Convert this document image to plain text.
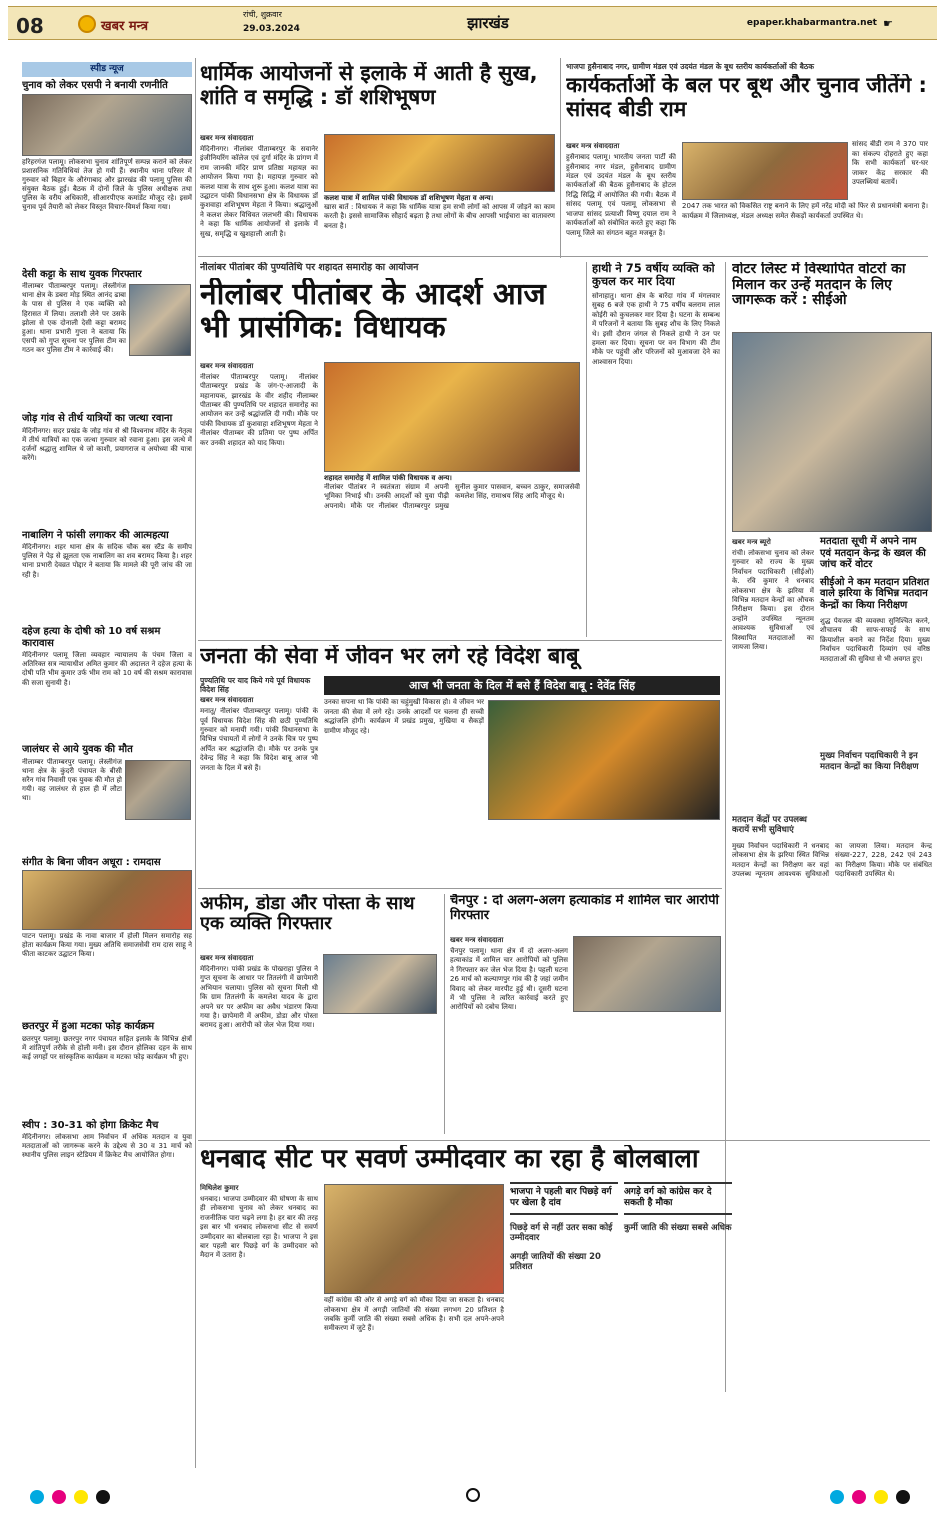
08	खबर मन्त्र
रांची, शुक्रवार
29.03.2024	झारखंड	epaper.khabarmantra.net ☛
स्पीड न्यूज
चुनाव को लेकर एसपी ने बनायी रणनीति
हरिहरगंज पलामू। लोकसभा चुनाव शांतिपूर्ण सम्पन्न कराने को लेकर प्रशासनिक गतिविधियां तेज हो गयी हैं। स्थानीय थाना परिसर में गुरुवार को बिहार के औरंगाबाद और झारखंड की पलामू पुलिस की संयुक्त बैठक हुई। बैठक में दोनों जिले के पुलिस अधीक्षक तथा पुलिस के वरीय अधिकारी, सीआरपीएफ कमांडेंट मौजूद रहे। इसमें चुनाव पूर्व तैयारी को लेकर विस्तृत विचार-विमर्श किया गया।
देसी कट्टा के साथ युवक गिरफ्तार
नीलाम्बर पीताम्बरपुर पलामू। लेस्लीगंज थाना क्षेत्र के डबरा मोड़ स्थित आनंद ढाबा के पास से पुलिस ने एक व्यक्ति को हिरासत में लिया। तलाशी लेने पर उसके झोला से एक दोनाली देसी कट्टा बरामद हुआ। थाना प्रभारी गुप्ता ने बताया कि एसपी को गुप्त सूचना पर पुलिस टीम का गठन कर पुलिस टीम ने कार्रवाई की।
जोड़ गांव से तीर्थ यात्रियों का जत्था रवाना
मेदिनीनगर। सदर प्रखंड के जोड़ गांव से श्री विश्वनाथ मंदिर के नेतृत्व में तीर्थ यात्रियों का एक जत्था गुरुवार को रवाना हुआ। इस जत्थे में दर्जनों श्रद्धालु शामिल थे जो काशी, प्रयागराज व अयोध्या की यात्रा करेंगे।
नाबालिग ने फांसी लगाकर की आत्महत्या
मेदिनीनगर। शहर थाना क्षेत्र के सदिक चौक बस स्टैंड के समीप पुलिस ने पेड़ से झूलता एक नाबालिग का शव बरामद किया है। शहर थाना प्रभारी देवव्रत पोद्दार ने बताया कि मामले की पूरी जांच की जा रही है।
दहेज हत्या के दोषी को 10 वर्ष सश्रम कारावास
मेदिनीनगर पलामू जिला व्यवहार न्यायालय के पंचम जिला व अतिरिक्त सत्र न्यायाधीश अमित कुमार की अदालत ने दहेज हत्या के दोषी पति भीम कुमार उर्फ भीम राम को 10 वर्ष की सश्रम कारावास की सजा सुनायी है।
जालंधर से आये युवक की मौत
नीलाम्बर पीताम्बरपुर पलामू। लेस्लीगंज थाना क्षेत्र के कुंदरी पंचायत के बीसी सरैन गांव निवासी एक युवक की मौत हो गयी। वह जालंधर से हाल ही में लौटा था।
संगीत के बिना जीवन अधूरा : रामदास
पाटन पलामू। प्रखंड के नावा बाजार में होली मिलन समारोह सह होता कार्यक्रम किया गया। मुख्य अतिथि समाजसेवी राम दास साहू ने फीता काटकर उद्घाटन किया।
छतरपुर में हुआ मटका फोड़ कार्यक्रम
छतरपुर पलामू। छतरपुर नगर पंचायत सहित इलाके के विभिन्न क्षेत्रों में शांतिपूर्ण तरीके से होली मनी। इस दौरान होलिका दहन के साथ कई जगहों पर सांस्कृतिक कार्यक्रम व मटका फोड़ कार्यक्रम भी हुए।
स्वीप : 30-31 को होगा क्रिकेट मैच
मेदिनीनगर। लोकसभा आम निर्वाचन में अधिक मतदान व युवा मतदाताओं को जागरूक करने के उद्देश्य से 30 व 31 मार्च को स्थानीय पुलिस लाइन स्टेडियम में क्रिकेट मैच आयोजित होगा।
धार्मिक आयोजनों से इलाके में आती है सुख, शांति व समृद्धि : डॉ शशिभूषण
खबर मन्त्र संवाददाता
मेदिनीनगर। नीलांबर पीताम्बरपुर के सवानेर इंजीनियरिंग कॉलेज एवं दुर्गा मंदिर के प्रांगण में राम जानकी मंदिर प्राण प्रतिष्ठा महायज्ञ का आयोजन किया गया है। महायज्ञ गुरुवार को कलश यात्रा के साथ शुरू हुआ। कलश यात्रा का उद्घाटन पांकी विधानसभा क्षेत्र के विधायक डॉ कुशवाहा शशिभूषण मेहता ने किया। श्रद्धालुओं ने कलश लेकर विधिवत जलभरी की। विधायक ने कहा कि धार्मिक आयोजनों से इलाके में सुख, समृद्धि व खुशहाली आती है।
कलश यात्रा में शामिल पांकी विधायक डॉ शशिभूषण मेहता व अन्य।
खास बातें : विधायक ने कहा कि धार्मिक यात्रा हम सभी लोगों को आपस में जोड़ने का काम करती है। इससे सामाजिक सौहार्द बढ़ता है तथा लोगों के बीच आपसी भाईचारा का वातावरण बनता है।
भाजपा हुसैनाबाद नगर, ग्रामीण मंडल एवं उदयंत मंडल के बूथ स्तरीय कार्यकर्ताओं की बैठक
कार्यकर्ताओं के बल पर बूथ और चुनाव जीतेंगे : सांसद बीडी राम
खबर मन्त्र संवाददाता
हुसैनाबाद पलामू। भारतीय जनता पार्टी की हुसैनाबाद नगर मंडल, हुसैनाबाद ग्रामीण मंडल एवं उदयंत मंडल के बूथ स्तरीय कार्यकर्ताओं की बैठक हुसैनाबाद के होटल रिद्धि सिद्धि में आयोजित की गयी। बैठक में सांसद पलामू एवं पलामू लोकसभा से भाजपा सांसद प्रत्याशी विष्णु दयाल राम ने कार्यकर्ताओं को संबोधित करते हुए कहा कि पलामू जिले का संगठन बहुत मजबूत है।
सांसद बीडी राम ने 370 पार का संकल्प दोहराते हुए कहा कि सभी कार्यकर्ता घर-घर जाकर केंद्र सरकार की उपलब्धियां बतायें।
2047 तक भारत को विकसित राष्ट्र बनाने के लिए हमें नरेंद्र मोदी को फिर से प्रधानमंत्री बनाना है। कार्यक्रम में जिलाध्यक्ष, मंडल अध्यक्ष समेत सैकड़ों कार्यकर्ता उपस्थित थे।
नीलांबर पीतांबर की पुण्यतिथि पर शहादत समारोह का आयोजन
नीलांबर पीतांबर के आदर्श आज भी प्रासंगिक: विधायक
खबर मन्त्र संवाददाता
नीलांबर पीताम्बरपुर पलामू। नीलांबर पीताम्बरपुर प्रखंड के जंग-ए-आजादी के महानायक, झारखंड के वीर शहीद नीलाम्बर पीताम्बर की पुण्यतिथि पर शहादत समारोह का आयोजन कर उन्हें श्रद्धांजलि दी गयी। मौके पर पांकी विधायक डॉ कुशवाहा शशिभूषण मेहता ने नीलांबर पीताम्बर की प्रतिमा पर पुष्प अर्पित कर उनकी शहादत को याद किया।
शहादत समारोह में शामिल पांकी विधायक व अन्य।
नीलांबर पीतांबर ने स्वतंत्रता संग्राम में अपनी भूमिका निभाई थी। उनकी आदर्शों को युवा पीढ़ी अपनाये। मौके पर नीलांबर पीताम्बरपुर प्रमुख सुनील कुमार पासवान, बच्चन ठाकुर, समाजसेवी कमलेश सिंह, रामाश्रय सिंह आदि मौजूद थे।
हाथी ने 75 वर्षीय व्यक्ति को कुचल कर मार दिया
सोनाहातु। थाना क्षेत्र के बारेंदा गांव में मंगलवार सुबह 6 बजे एक हाथी ने 75 वर्षीय बलराम लाल कोईरी को कुचलकर मार दिया है। घटना के सम्बन्ध में परिजनों ने बताया कि सुबह शौच के लिए निकले थे। इसी दौरान जंगल से निकले हाथी ने उन पर हमला कर दिया। सूचना पर वन विभाग की टीम मौके पर पहुंची और परिजनों को मुआवजा देने का आश्वासन दिया।
वोटर लिस्ट में विस्थापित वोटरों का मिलान कर उन्हें मतदान के लिए जागरूक करें : सीईओ
खबर मन्त्र ब्यूरो
रांची। लोकसभा चुनाव को लेकर गुरुवार को राज्य के मुख्य निर्वाचन पदाधिकारी (सीईओ) के. रवि कुमार ने धनबाद लोकसभा क्षेत्र के झरिया में विभिन्न मतदान केन्द्रों का औचक निरीक्षण किया। इस दौरान उन्होंने उपस्थित न्यूनतम आवश्यक सुविधाओं एवं विस्थापित मतदाताओं का जायजा लिया।
मतदान केंद्रों पर उपलब्ध करायें सभी सुविधाएं
मतदाता सूची में अपने नाम एवं मतदान केन्द्र के ख्वल की जांच करें वोटर
सीईओ ने कम मतदान प्रतिशत वाले झरिया के विभिन्न मतदान केन्द्रों का किया निरीक्षण
शुद्ध पेयजल की व्यवस्था सुनिश्चित करने, शौचालय की साफ-सफाई के साथ क्रियाशील बनाने का निर्देश दिया। मुख्य निर्वाचन पदाधिकारी दिव्यांग एवं वरिष्ठ मतदाताओं की सुविधा से भी अवगत हुए।
मुख्य निर्वाचन पदाधिकारी ने इन मतदान केन्द्रों का किया निरीक्षण
मुख्य निर्वाचन पदाधिकारी ने धनबाद लोकसभा क्षेत्र के झरिया स्थित विभिन्न मतदान केन्द्रों का निरीक्षण कर वहां उपलब्ध न्यूनतम आवश्यक सुविधाओं का जायजा लिया। मतदान केन्द्र संख्या-227, 228, 242 एवं 243 का निरीक्षण किया। मौके पर संबंधित पदाधिकारी उपस्थित थे।
जनता की सेवा में जीवन भर लगे रहे विदेश बाबू
पुण्यतिथि पर याद किये गये पूर्व विधायक विदेश सिंह
खबर मन्त्र संवाददाता
मनातू/ नीलांबर पीताम्बरपुर पलामू। पांकी के पूर्व विधायक विदेश सिंह की छठी पुण्यतिथि गुरुवार को मनायी गयी। पांकी विधानसभा के विभिन्न पंचायतों में लोगों ने उनके चित्र पर पुष्प अर्पित कर श्रद्धांजलि दी। मौके पर उनके पुत्र देवेन्द्र सिंह ने कहा कि विदेश बाबू आज भी जनता के दिल में बसे हैं।
आज भी जनता के दिल में बसे हैं विदेश बाबू : देवेंद्र सिंह
उनका सपना था कि पांकी का चहुंमुखी विकास हो। वे जीवन भर जनता की सेवा में लगे रहे। उनके आदर्शों पर चलना ही सच्ची श्रद्धांजलि होगी। कार्यक्रम में प्रखंड प्रमुख, मुखिया व सैकड़ों ग्रामीण मौजूद रहे।
अफीम, डोडा और पोस्ता के साथ एक व्यक्ति गिरफ्तार
खबर मन्त्र संवाददाता
मेदिनीनगर। पांकी प्रखंड के पोखराहा पुलिस ने गुप्त सूचना के आधार पर तितलंगी में छापेमारी अभियान चलाया। पुलिस को सूचना मिली थी कि ग्राम तितलंगी के कमलेश यादव के द्वारा अपने घर पर अफीम का अवैध भंडारण किया गया है। छापेमारी में अफीम, डोडा और पोस्ता बरामद हुआ। आरोपी को जेल भेज दिया गया।
चैनपुर : दो अलग-अलग हत्याकांड में शामिल चार आरोपी गिरफ्तार
खबर मन्त्र संवाददाता
चैनपुर पलामू। थाना क्षेत्र में दो अलग-अलग हत्याकांड में शामिल चार आरोपियों को पुलिस ने गिरफ्तार कर जेल भेज दिया है। पहली घटना 26 मार्च को कल्याणपुर गांव की है जहां जमीन विवाद को लेकर मारपीट हुई थी। दूसरी घटना में भी पुलिस ने त्वरित कार्रवाई करते हुए आरोपियों को दबोच लिया।
धनबाद सीट पर सवर्ण उम्मीदवार का रहा है बोलबाला
मिथिलेश कुमार
धनबाद। भाजपा उम्मीदवार की घोषणा के साथ ही लोकसभा चुनाव को लेकर धनबाद का राजनीतिक पारा चढ़ने लगा है। हर बार की तरह इस बार भी धनबाद लोकसभा सीट से सवर्ण उम्मीदवार का बोलबाला रहा है। भाजपा ने इस बार पहली बार पिछड़े वर्ग के उम्मीदवार को मैदान में उतारा है।
वहीं कांग्रेस की ओर से अगड़े वर्ग को मौका दिया जा सकता है। धनबाद लोकसभा क्षेत्र में अगड़ी जातियों की संख्या लगभग 20 प्रतिशत है जबकि कुर्मी जाति की संख्या सबसे अधिक है। सभी दल अपने-अपने समीकरण में जुटे हैं।
भाजपा ने पहली बार पिछड़े वर्ग पर खेला है दांव
पिछड़े वर्ग से नहीं उतर सका कोई उम्मीदवार
अगड़ी जातियों की संख्या 20 प्रतिशत
अगड़े वर्ग को कांग्रेस कर दे सकती है मौका
कुर्मी जाति की संख्या सबसे अधिक
